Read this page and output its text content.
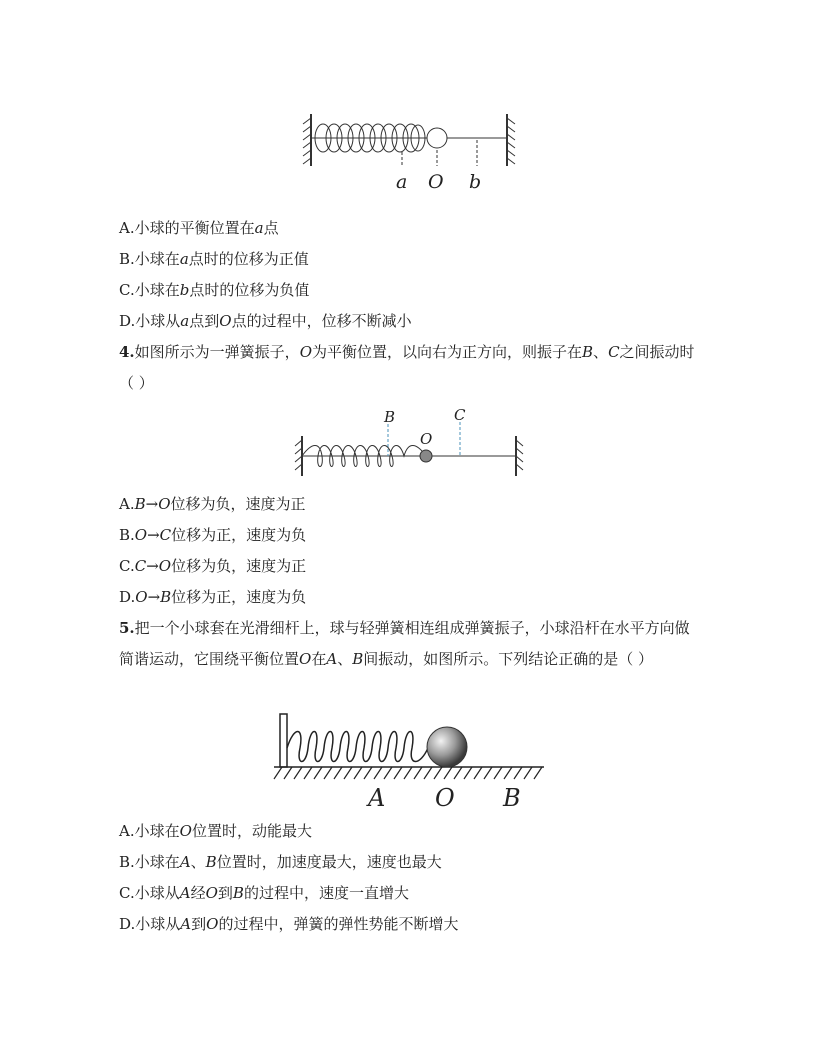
a O b
A.小球的平衡位置在a点
B.小球在a点时的位移为正值
C.小球在b点时的位移为负值
D.小球从a点到O点的过程中，位移不断减小
4.如图所示为一弹簧振子，O为平衡位置，以向右为正方向，则振子在B、C之间振动时（ ）
B	C
O
A.B→O位移为负，速度为正
B.O→C位移为正，速度为负
C.C→O位移为负，速度为正
D.O→B位移为正，速度为负
5.把一个小球套在光滑细杆上，球与轻弹簧相连组成弹簧振子，小球沿杆在水平方向做简谐运动，它围绕平衡位置O在A、B间振动，如图所示。下列结论正确的是（ ）
A O B
A.小球在O位置时，动能最大
B.小球在A、B位置时，加速度最大，速度也最大
C.小球从A经O到B的过程中，速度一直增大
D.小球从A到O的过程中，弹簧的弹性势能不断增大
